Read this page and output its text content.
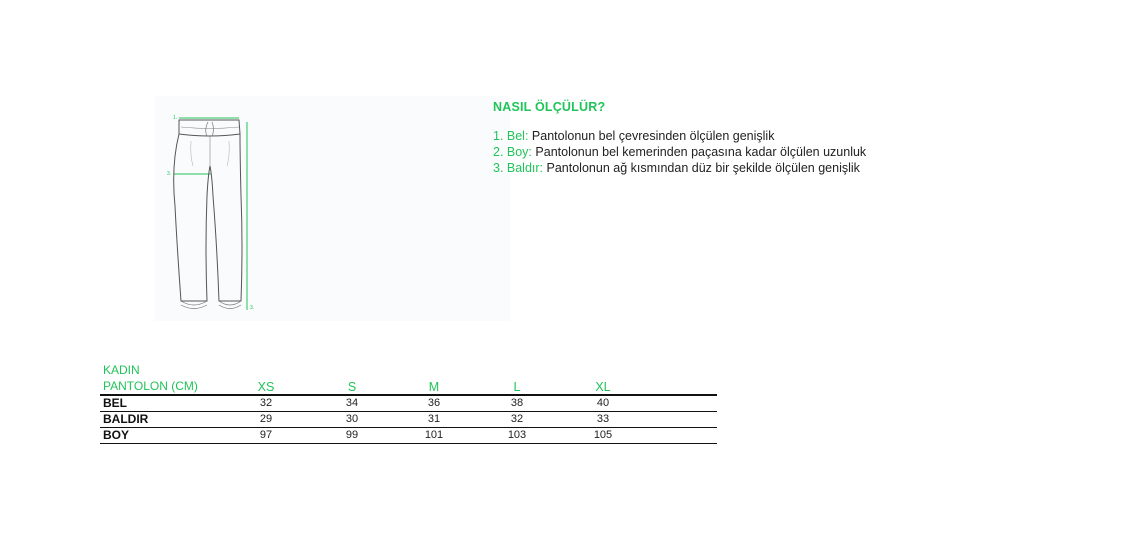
1.
3.
3.
NASIL ÖLÇÜLÜR?
1. Bel: Pantolonun bel çevresinden ölçülen genişlik
2. Boy: Pantolonun bel kemerinden paçasına kadar ölçülen uzunluk
3. Baldır: Pantolonun ağ kısmından düz bir şekilde ölçülen genişlik
KADIN						
PANTOLON (CM)	XS	S	M	L	XL	
BEL	32	34	36	38	40	
BALDIR	29	30	31	32	33	
BOY	97	99	101	103	105	
